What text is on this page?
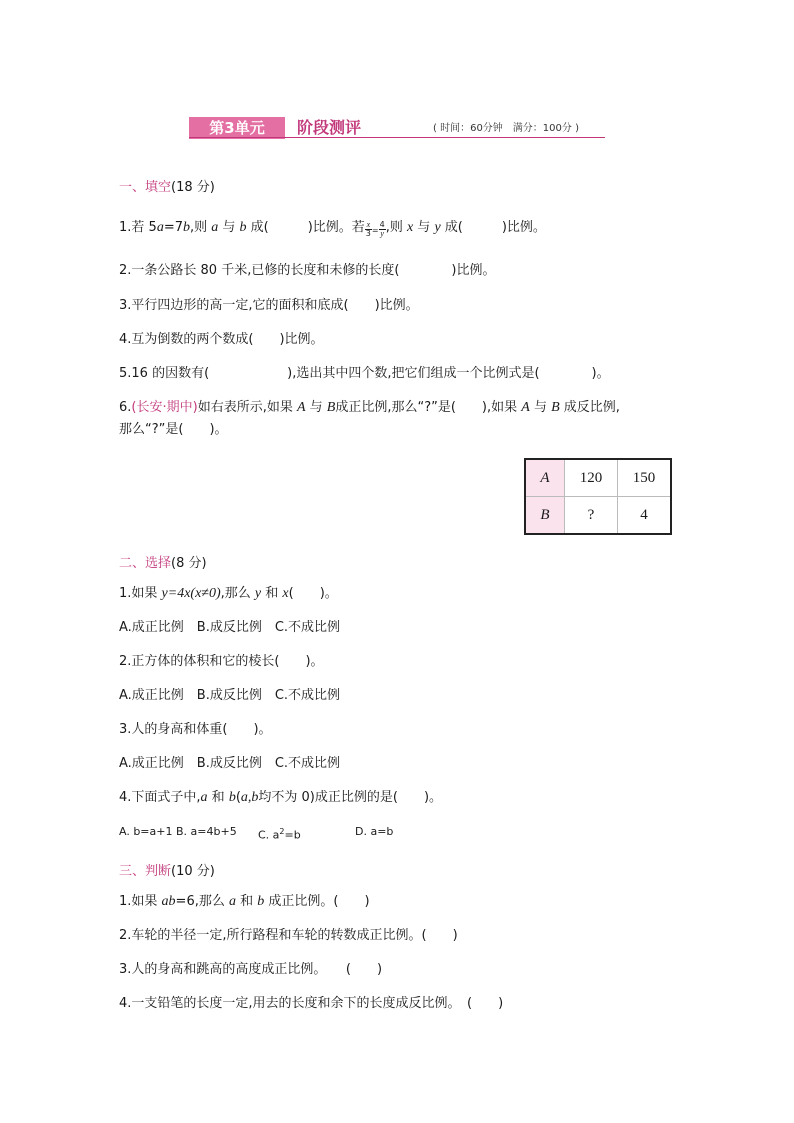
第3单元	阶段测评	( 时间：60分钟　满分：100分 )
一、填空(18 分)
1.若 5a=7b,则 a 与 b 成(　　　)比例。若 $\frac{x}{3} = \frac{4}{y}$ ,则 x 与 y 成(　　　)比例。
2.一条公路长 80 千米,已修的长度和未修的长度(　　　　)比例。
3.平行四边形的高一定,它的面积和底成(　　)比例。
4.互为倒数的两个数成(　　)比例。
5.16 的因数有(　　　　　　),选出其中四个数,把它们组成一个比例式是(　　　　)。
6.(长安·期中)如右表所示,如果 A 与 B成正比例,那么“?”是(　　),如果 A 与 B 成反比例,
那么“?”是(　　)。
A	120	150
B	?	4
二、选择(8 分)
1.如果 y=4x(x≠0),那么 y 和 x(　　)。
A.成正比例　B.成反比例　C.不成比例
2.正方体的体积和它的棱长(　　)。
A.成正比例　B.成反比例　C.不成比例
3.人的身高和体重(　　)。
A.成正比例　B.成反比例　C.不成比例
4.下面式子中,a 和 b(a,b均不为 0)成正比例的是(　　)。
A. b=a+1 B. a=4b+5 C. $a^2=b$	D. a=b
三、判断(10 分)
1.如果 ab=6,那么 a 和 b 成正比例。(　　)
2.车轮的半径一定,所行路程和车轮的转数成正比例。(　　)
3.人的身高和跳高的高度成正比例。　　(　　)
4.一支铅笔的长度一定,用去的长度和余下的长度成反比例。　(　　)
